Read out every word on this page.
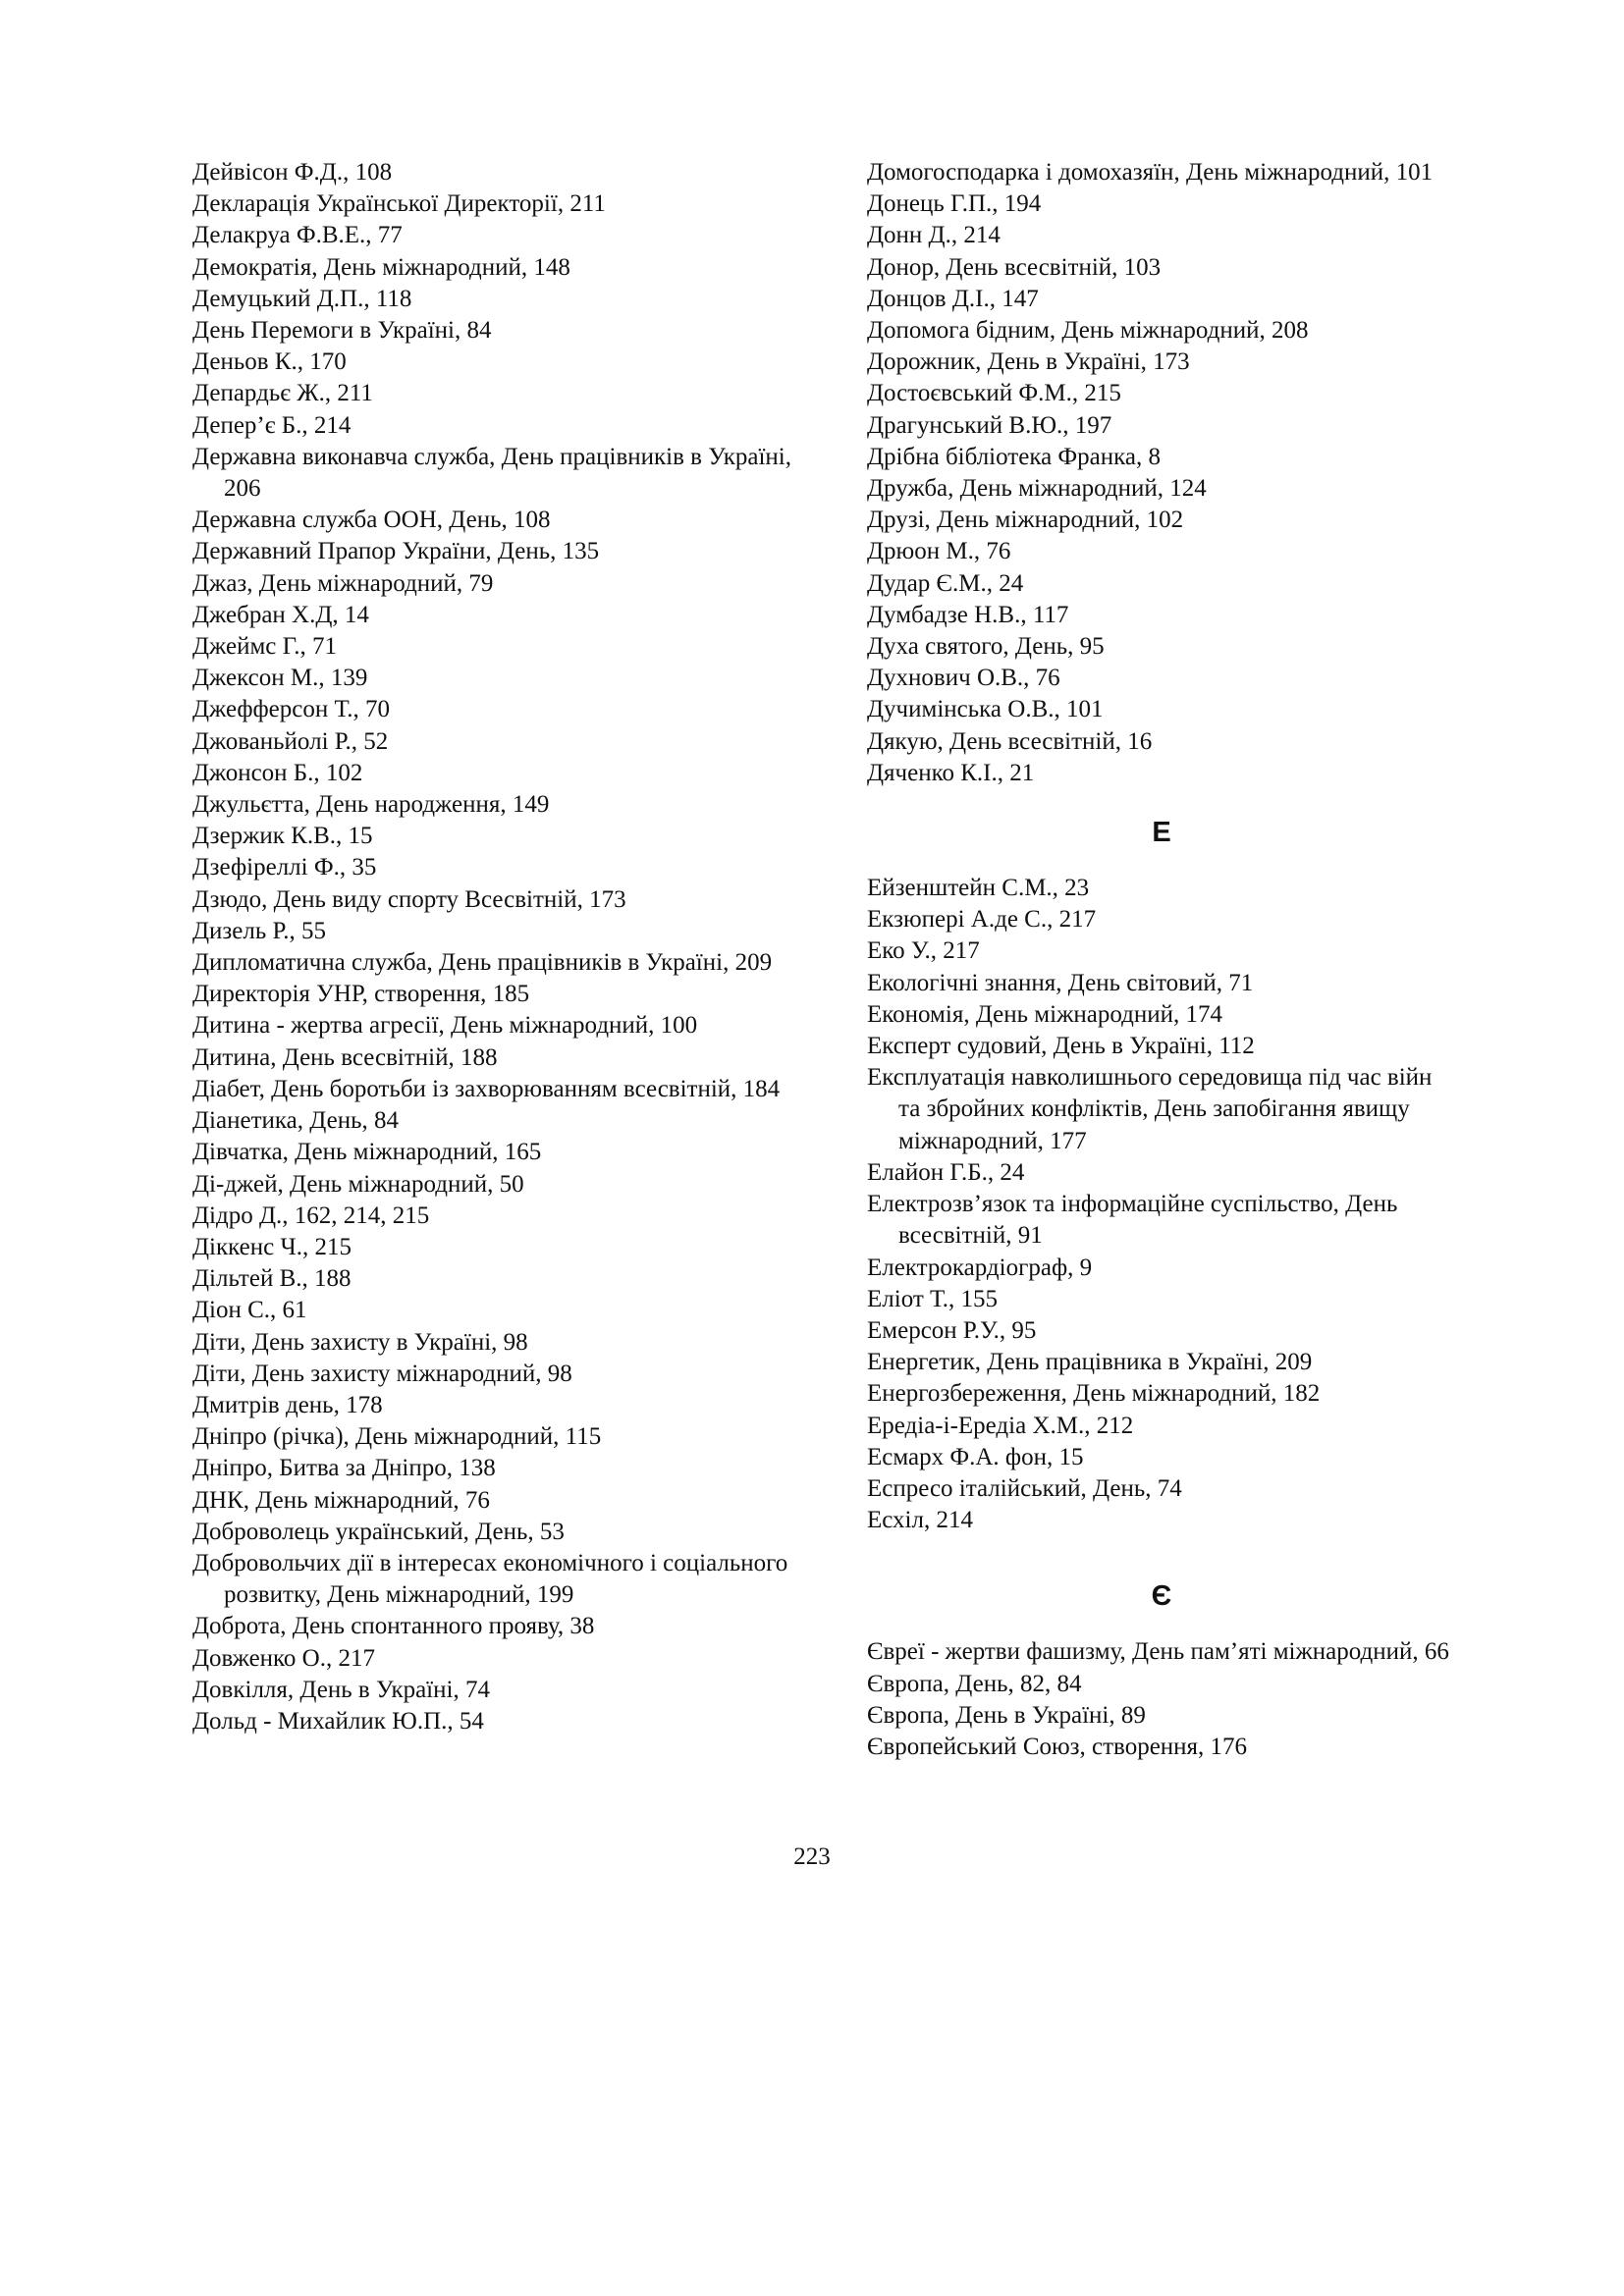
Дейвісон Ф.Д., 108
Декларація Української Директорії, 211
Делакруа Ф.В.Е., 77
Демократія, День міжнародний, 148
Демуцький Д.П., 118
День Перемоги в Україні, 84
Деньов К., 170
Депардьє Ж., 211
Депер’є Б., 214
Державна виконавча служба, День працівників в Україні, 206
Державна служба ООН, День, 108
Державний Прапор України, День, 135
Джаз, День міжнародний, 79
Джебран Х.Д, 14
Джеймс Г., 71
Джексон М., 139
Джефферсон Т., 70
Джованьйолі Р., 52
Джонсон Б., 102
Джульєтта, День народження, 149
Дзержик К.В., 15
Дзефіреллі Ф., 35
Дзюдо, День виду спорту Всесвітній, 173
Дизель Р., 55
Дипломатична служба, День працівників в Україні, 209
Директорія УНР, створення, 185
Дитина - жертва агресії, День міжнародний, 100
Дитина, День всесвітній, 188
Діабет, День боротьби із захворюванням всесвітній, 184
Діанетика, День, 84
Дівчатка, День міжнародний, 165
Ді-джей, День міжнародний, 50
Дідро Д., 162, 214, 215
Діккенс Ч., 215
Дільтей В., 188
Діон С., 61
Діти, День захисту в Україні, 98
Діти, День захисту міжнародний, 98
Дмитрів день, 178
Дніпро (річка), День міжнародний, 115
Дніпро, Битва за Дніпро, 138
ДНК, День міжнародний, 76
Доброволець український, День, 53
Добровольчих дії в інтересах економічного і соціального розвитку, День міжнародний, 199
Доброта, День спонтанного прояву, 38
Довженко О., 217
Довкілля, День в Україні, 74
Дольд - Михайлик Ю.П., 54
Домогосподарка і домохазяїн, День міжнародний, 101
Донець Г.П., 194
Донн Д., 214
Донор, День всесвітній, 103
Донцов Д.І., 147
Допомога бідним, День міжнародний, 208
Дорожник, День в Україні, 173
Достоєвський Ф.М., 215
Драгунський В.Ю., 197
Дрібна бібліотека Франка, 8
Дружба, День міжнародний, 124
Друзі, День міжнародний, 102
Дрюон М., 76
Дудар Є.М., 24
Думбадзе Н.В., 117
Духа святого, День, 95
Духнович О.В., 76
Дучимінська О.В., 101
Дякую, День всесвітній, 16
Дяченко К.І., 21
Е
Ейзенштейн С.М., 23
Екзюпері А.де С., 217
Еко У., 217
Екологічні знання, День світовий, 71
Економія, День міжнародний, 174
Експерт судовий, День в Україні, 112
Експлуатація навколишнього середовища під час війн та збройних конфліктів, День запобігання явищу міжнародний, 177
Елайон Г.Б., 24
Електрозв’язок та інформаційне суспільство, День всесвітній, 91
Електрокардіограф, 9
Еліот Т., 155
Емерсон Р.У., 95
Енергетик, День працівника в Україні, 209
Енергозбереження, День міжнародний, 182
Ередіа-і-Ередіа Х.М., 212
Есмарх Ф.А. фон, 15
Еспресо італійський, День, 74
Есхіл, 214
Є
Євреї - жертви фашизму, День пам’яті міжнародний, 66
Європа, День, 82, 84
Європа, День в Україні, 89
Європейський Союз, створення, 176
223
